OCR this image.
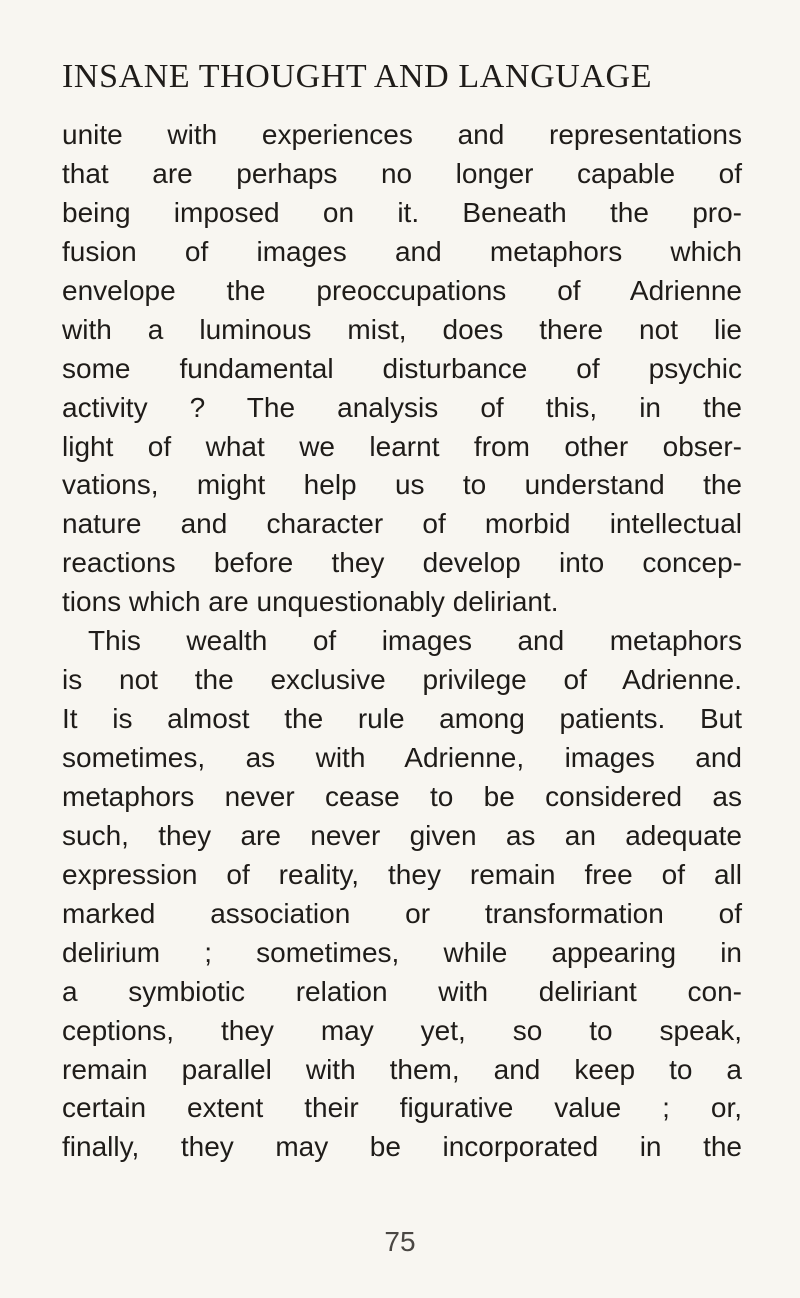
INSANE THOUGHT AND LANGUAGE
unite with experiences and representations
that are perhaps no longer capable of
being imposed on it. Beneath the pro-
fusion of images and metaphors which
envelope the preoccupations of Adrienne
with a luminous mist, does there not lie
some fundamental disturbance of psychic
activity ? The analysis of this, in the
light of what we learnt from other obser-
vations, might help us to understand the
nature and character of morbid intellectual
reactions before they develop into concep-
tions which are unquestionably deliriant.
This wealth of images and metaphors
is not the exclusive privilege of Adrienne.
It is almost the rule among patients. But
sometimes, as with Adrienne, images and
metaphors never cease to be considered as
such, they are never given as an adequate
expression of reality, they remain free of all
marked association or transformation of
delirium ; sometimes, while appearing in
a symbiotic relation with deliriant con-
ceptions, they may yet, so to speak,
remain parallel with them, and keep to a
certain extent their figurative value ; or,
finally, they may be incorporated in the
75
